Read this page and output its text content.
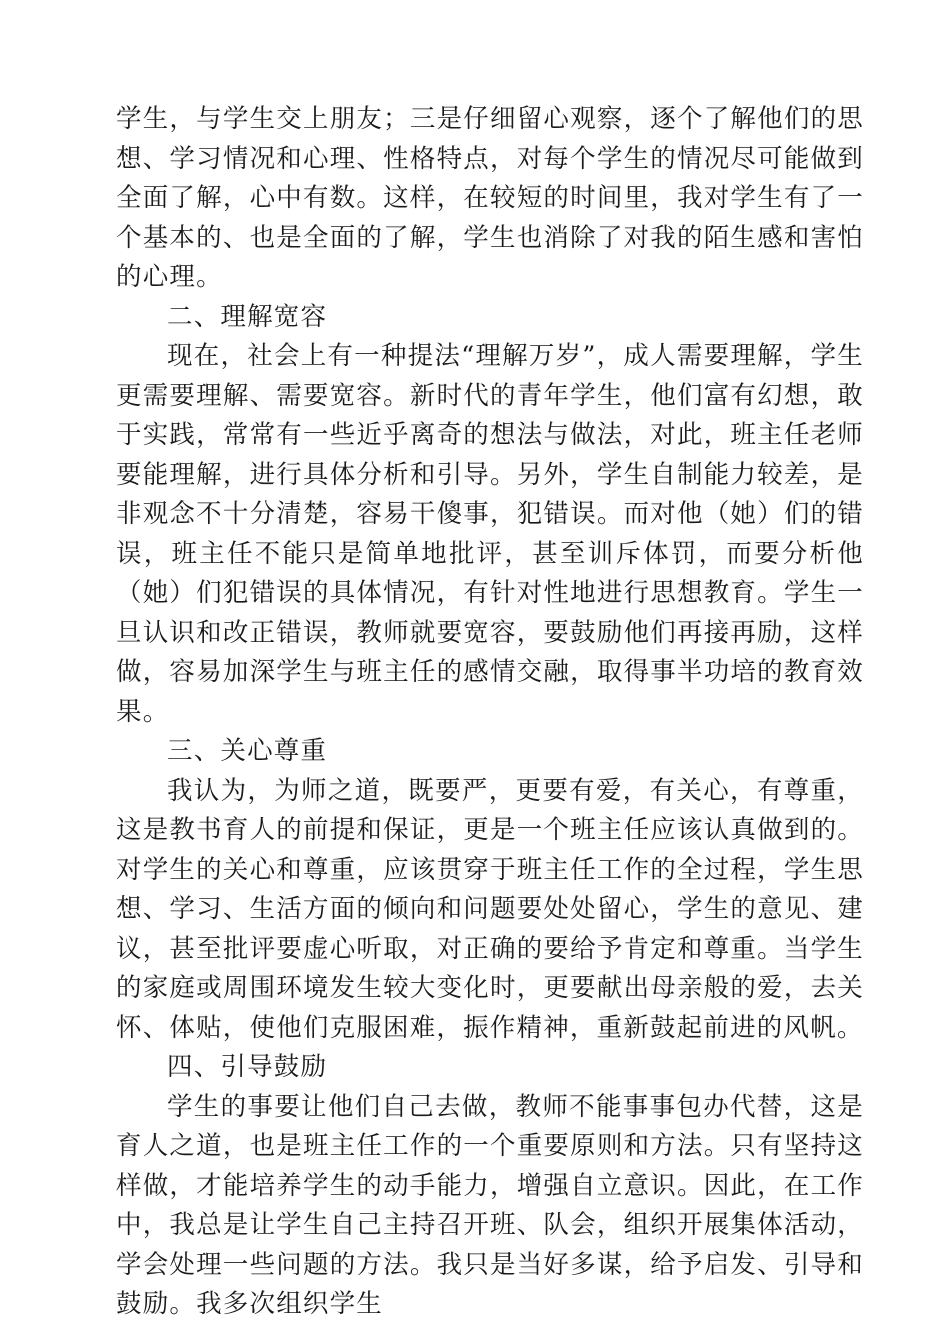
学生，与学生交上朋友；三是仔细留心观察，逐个了解他们的思想、学习情况和心理、性格特点，对每个学生的情况尽可能做到全面了解，心中有数。这样，在较短的时间里，我对学生有了一个基本的、也是全面的了解，学生也消除了对我的陌生感和害怕的心理。

二、理解宽容

现在，社会上有一种提法“理解万岁”，成人需要理解，学生更需要理解、需要宽容。新时代的青年学生，他们富有幻想，敢于实践，常常有一些近乎离奇的想法与做法，对此，班主任老师要能理解，进行具体分析和引导。另外，学生自制能力较差，是非观念不十分清楚，容易干傻事，犯错误。而对他（她）们的错误，班主任不能只是简单地批评，甚至训斥体罚，而要分析他（她）们犯错误的具体情况，有针对性地进行思想教育。学生一旦认识和改正错误，教师就要宽容，要鼓励他们再接再励，这样做，容易加深学生与班主任的感情交融，取得事半功培的教育效果。

三、关心尊重

我认为，为师之道，既要严，更要有爱，有关心，有尊重，这是教书育人的前提和保证，更是一个班主任应该认真做到的。对学生的关心和尊重，应该贯穿于班主任工作的全过程，学生思想、学习、生活方面的倾向和问题要处处留心，学生的意见、建议，甚至批评要虚心听取，对正确的要给予肯定和尊重。当学生的家庭或周围环境发生较大变化时，更要献出母亲般的爱，去关怀、体贴，使他们克服困难，振作精神，重新鼓起前进的风帆。

四、引导鼓励

学生的事要让他们自己去做，教师不能事事包办代替，这是育人之道，也是班主任工作的一个重要原则和方法。只有坚持这样做，才能培养学生的动手能力，增强自立意识。因此，在工作中，我总是让学生自己主持召开班、队会，组织开展集体活动，学会处理一些问题的方法。我只是当好多谋，给予启发、引导和鼓励。我多次组织学生
